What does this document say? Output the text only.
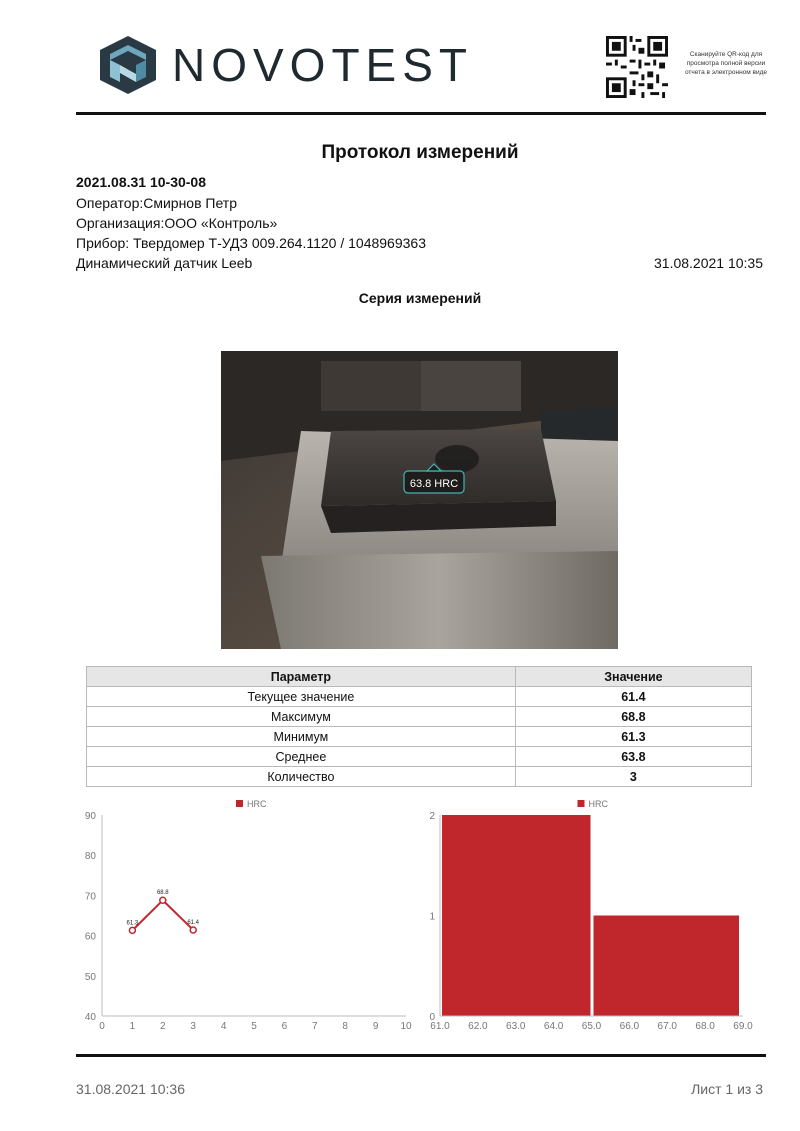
NOVOTEST	Сканируйте QR-код для просмотра полной версии отчета в электронном виде
Протокол измерений
2021.08.31 10-30-08
Оператор:Смирнов Петр
Организация:ООО «Контроль»
Прибор: Твердомер Т-УДЗ 009.264.1120 / 1048969363
Динамический датчик Leeb	31.08.2021 10:35
Серия измерений
63.8 HRC
Параметр	Значение
Текущее значение	61.4
Максимум	68.8
Минимум	61.3
Среднее	63.8
Количество	3
40
50
60
70
80
90
0 1 2 3 4 5 6 7 8 9 10
HRC
61.3
68.8
61.4
0
1
2
61.0 62.0 63.0 64.0 65.0 66.0 67.0 68.0 69.0
HRC
31.08.2021 10:36	Лист 1 из 3
